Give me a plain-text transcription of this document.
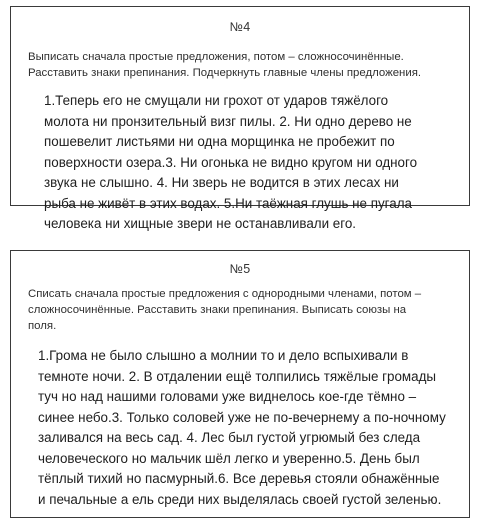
№4
Выписать сначала простые предложения, потом – сложносочинённые.
Расставить знаки препинания. Подчеркнуть главные члены предложения.
1.Теперь его не смущали ни грохот от ударов тяжёлого
молота ни пронзительный визг пилы. 2. Ни одно дерево не
пошевелит листьями ни одна морщинка не пробежит по
поверхности озера.3. Ни огонька не видно кругом ни одного
звука не слышно. 4. Ни зверь не водится в этих лесах ни
рыба не живёт в этих водах. 5.Ни таёжная глушь не пугала
человека ни хищные звери не останавливали его.
№5
Списать сначала простые предложения с однородными членами, потом –
сложносочинённые. Расставить знаки препинания. Выписать союзы на
поля.
1.Грома не было слышно а молнии то и дело вспыхивали в
темноте ночи. 2. В отдалении ещё толпились тяжёлые громады
туч но над нашими головами уже виднелось кое-где тёмно –
синее небо.3. Только соловей уже не по-вечернему а по-ночному
заливался на весь сад. 4. Лес был густой угрюмый без следа
человеческого но мальчик шёл легко и уверенно.5. День был
тёплый тихий но пасмурный.6. Все деревья стояли обнажённые
и печальные а ель среди них выделялась своей густой зеленью.
